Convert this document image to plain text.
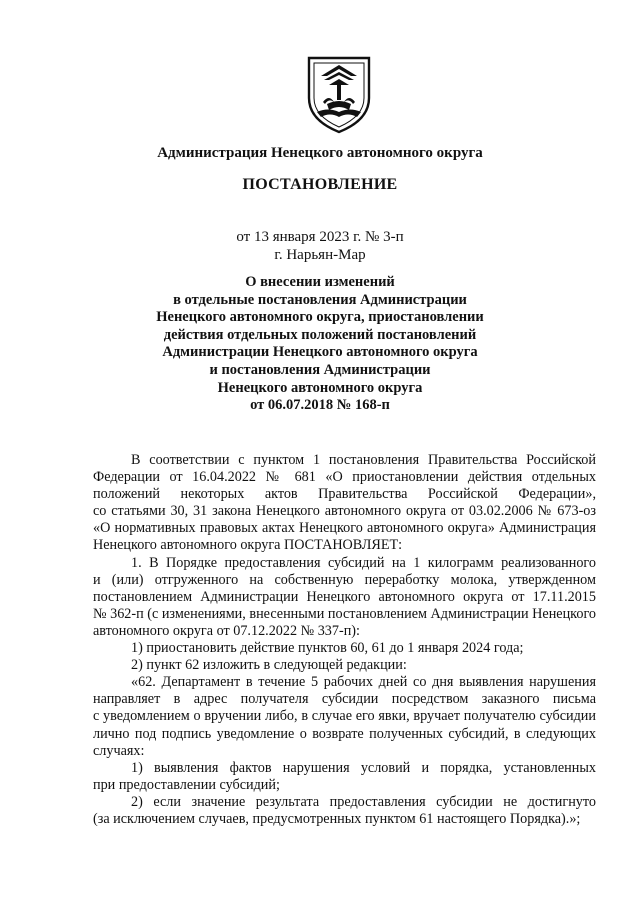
Администрация Ненецкого автономного округа
ПОСТАНОВЛЕНИЕ
от 13 января 2023 г. № 3-п
г. Нарьян-Мар
О внесении изменений
в отдельные постановления Администрации
Ненецкого автономного округа, приостановлении
действия отдельных положений постановлений
Администрации Ненецкого автономного округа
и постановления Администрации
Ненецкого автономного округа
от 06.07.2018 № 168-п

В соответствии с пунктом 1 постановления Правительства Российской

Федерации от 16.04.2022 № 681 «О приостановлении действия отдельных

положений некоторых актов Правительства Российской Федерации»,

со статьями 30, 31 закона Ненецкого автономного округа от 03.02.2006 № 673-оз

«О нормативных правовых актах Ненецкого автономного округа» Администрация

Ненецкого автономного округа ПОСТАНОВЛЯЕТ:

1. В Порядке предоставления субсидий на 1 килограмм реализованного

и (или) отгруженного на собственную переработку молока, утвержденном

постановлением Администрации Ненецкого автономного округа от 17.11.2015

№ 362-п (с изменениями, внесенными постановлением Администрации Ненецкого

автономного округа от 07.12.2022 № 337-п):

1) приостановить действие пунктов 60, 61 до 1 января 2024 года;

2) пункт 62 изложить в следующей редакции:

«62. Департамент в течение 5 рабочих дней со дня выявления нарушения

направляет в адрес получателя субсидии посредством заказного письма

с уведомлением о вручении либо, в случае его явки, вручает получателю субсидии

лично под подпись уведомление о возврате полученных субсидий, в следующих

случаях:

1) выявления фактов нарушения условий и порядка, установленных

при предоставлении субсидий;

2) если значение результата предоставления субсидии не достигнуто

(за исключением случаев, предусмотренных пунктом 61 настоящего Порядка).»;
